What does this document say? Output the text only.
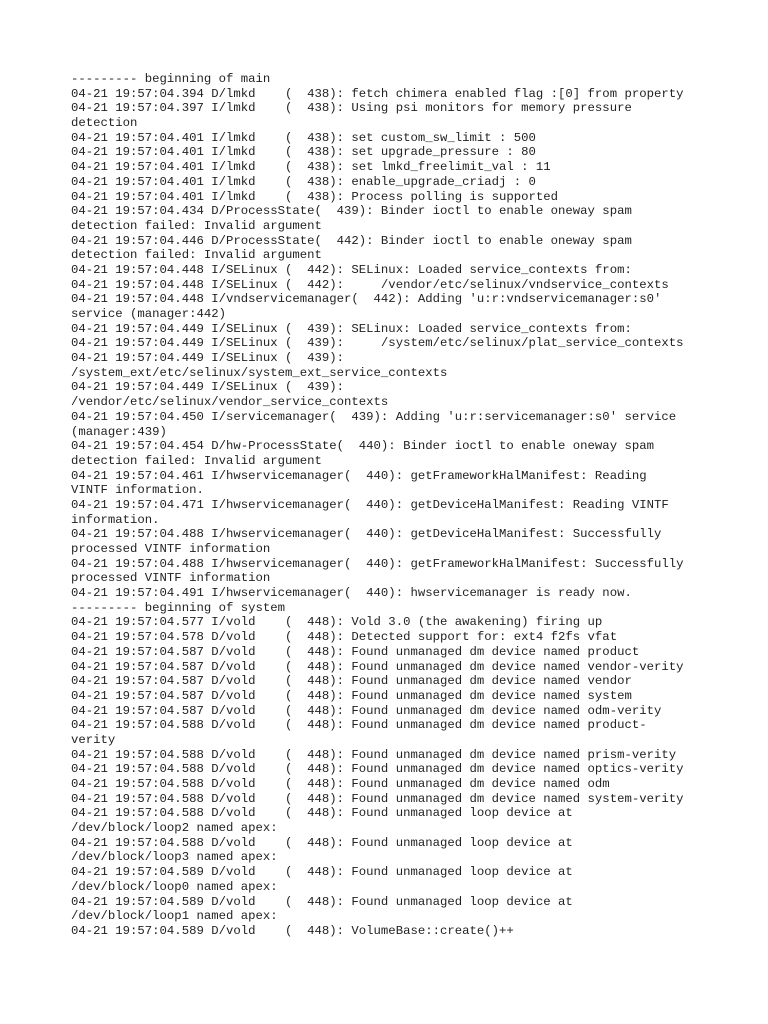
--------- beginning of main
04-21 19:57:04.394 D/lmkd    (  438): fetch chimera enabled flag :[0] from property
04-21 19:57:04.397 I/lmkd    (  438): Using psi monitors for memory pressure
detection
04-21 19:57:04.401 I/lmkd    (  438): set custom_sw_limit : 500
04-21 19:57:04.401 I/lmkd    (  438): set upgrade_pressure : 80
04-21 19:57:04.401 I/lmkd    (  438): set lmkd_freelimit_val : 11
04-21 19:57:04.401 I/lmkd    (  438): enable_upgrade_criadj : 0
04-21 19:57:04.401 I/lmkd    (  438): Process polling is supported
04-21 19:57:04.434 D/ProcessState(  439): Binder ioctl to enable oneway spam
detection failed: Invalid argument
04-21 19:57:04.446 D/ProcessState(  442): Binder ioctl to enable oneway spam
detection failed: Invalid argument
04-21 19:57:04.448 I/SELinux (  442): SELinux: Loaded service_contexts from:
04-21 19:57:04.448 I/SELinux (  442):     /vendor/etc/selinux/vndservice_contexts
04-21 19:57:04.448 I/vndservicemanager(  442): Adding 'u:r:vndservicemanager:s0'
service (manager:442)
04-21 19:57:04.449 I/SELinux (  439): SELinux: Loaded service_contexts from:
04-21 19:57:04.449 I/SELinux (  439):     /system/etc/selinux/plat_service_contexts
04-21 19:57:04.449 I/SELinux (  439):
/system_ext/etc/selinux/system_ext_service_contexts
04-21 19:57:04.449 I/SELinux (  439):
/vendor/etc/selinux/vendor_service_contexts
04-21 19:57:04.450 I/servicemanager(  439): Adding 'u:r:servicemanager:s0' service
(manager:439)
04-21 19:57:04.454 D/hw-ProcessState(  440): Binder ioctl to enable oneway spam
detection failed: Invalid argument
04-21 19:57:04.461 I/hwservicemanager(  440): getFrameworkHalManifest: Reading
VINTF information.
04-21 19:57:04.471 I/hwservicemanager(  440): getDeviceHalManifest: Reading VINTF
information.
04-21 19:57:04.488 I/hwservicemanager(  440): getDeviceHalManifest: Successfully
processed VINTF information
04-21 19:57:04.488 I/hwservicemanager(  440): getFrameworkHalManifest: Successfully
processed VINTF information
04-21 19:57:04.491 I/hwservicemanager(  440): hwservicemanager is ready now.
--------- beginning of system
04-21 19:57:04.577 I/vold    (  448): Vold 3.0 (the awakening) firing up
04-21 19:57:04.578 D/vold    (  448): Detected support for: ext4 f2fs vfat
04-21 19:57:04.587 D/vold    (  448): Found unmanaged dm device named product
04-21 19:57:04.587 D/vold    (  448): Found unmanaged dm device named vendor-verity
04-21 19:57:04.587 D/vold    (  448): Found unmanaged dm device named vendor
04-21 19:57:04.587 D/vold    (  448): Found unmanaged dm device named system
04-21 19:57:04.587 D/vold    (  448): Found unmanaged dm device named odm-verity
04-21 19:57:04.588 D/vold    (  448): Found unmanaged dm device named product-
verity
04-21 19:57:04.588 D/vold    (  448): Found unmanaged dm device named prism-verity
04-21 19:57:04.588 D/vold    (  448): Found unmanaged dm device named optics-verity
04-21 19:57:04.588 D/vold    (  448): Found unmanaged dm device named odm
04-21 19:57:04.588 D/vold    (  448): Found unmanaged dm device named system-verity
04-21 19:57:04.588 D/vold    (  448): Found unmanaged loop device at
/dev/block/loop2 named apex:
04-21 19:57:04.588 D/vold    (  448): Found unmanaged loop device at
/dev/block/loop3 named apex:
04-21 19:57:04.589 D/vold    (  448): Found unmanaged loop device at
/dev/block/loop0 named apex:
04-21 19:57:04.589 D/vold    (  448): Found unmanaged loop device at
/dev/block/loop1 named apex:
04-21 19:57:04.589 D/vold    (  448): VolumeBase::create()++
